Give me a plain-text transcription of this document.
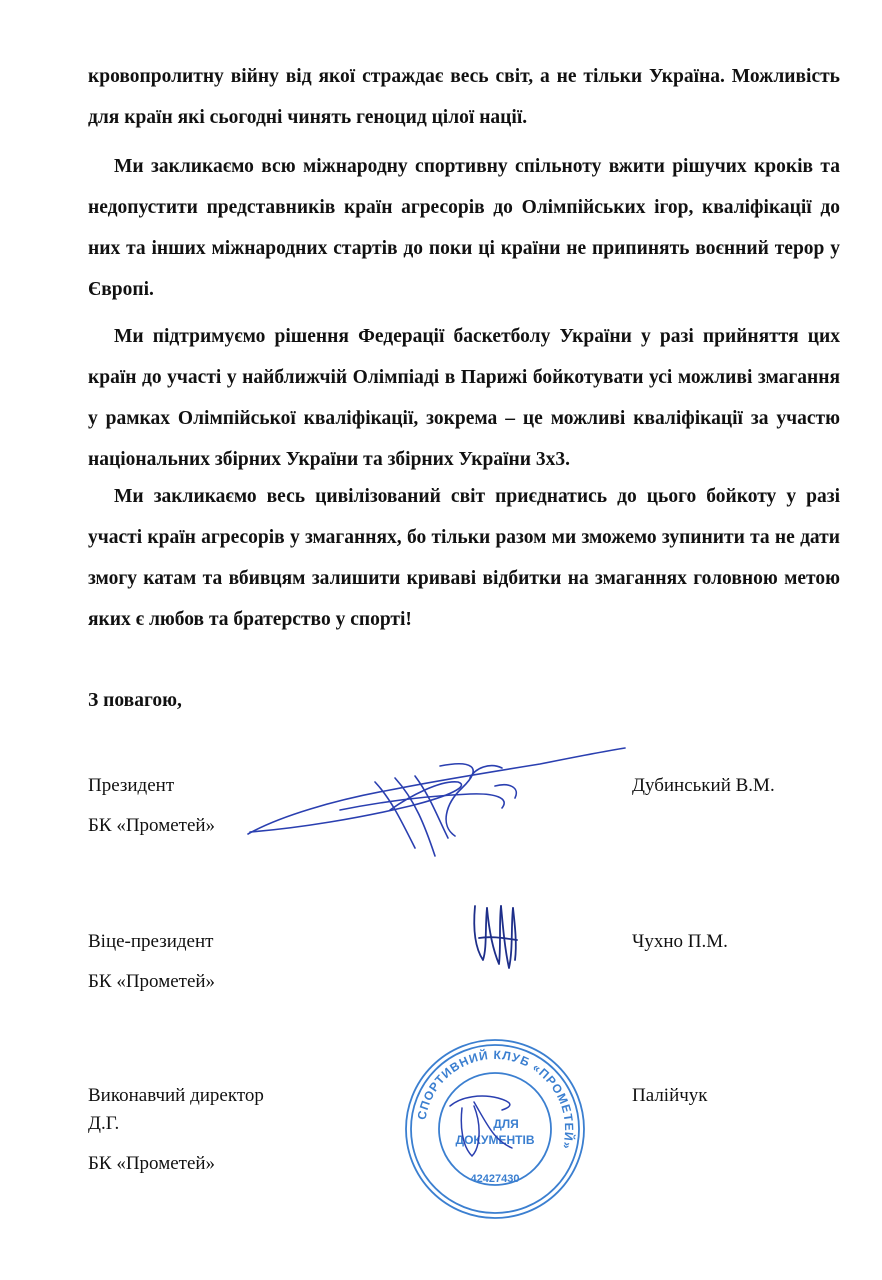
кровопролитну війну від якої страждає весь світ, а не тільки Україна. Можливість для країн які сьогодні чинять геноцид цілої нації.

Ми закликаємо всю міжнародну спортивну спільноту вжити рішучих кроків та недопустити представників країн агресорів до Олімпійських ігор, кваліфікації до них та інших міжнародних стартів до поки ці країни не припинять воєнний терор у Європі.

Ми підтримуємо рішення Федерації баскетболу України у разі прийняття цих країн до участі у найближчій Олімпіаді в Парижі бойкотувати усі можливі змагання у рамках Олімпійської кваліфікації, зокрема – це можливі кваліфікації за участю національних збірних України та збірних України 3х3.

Ми закликаємо весь цивілізований світ приєднатись до цього бойкоту у разі участі країн агресорів у змаганнях, бо тільки разом ми зможемо зупинити та не дати змогу катам та вбивцям залишити криваві відбитки на змаганнях головною метою яких є любов та братерство у спорті!

З повагою,

Президент

БК «Прометей»

Дубинський В.М.

Віце-президент

БК «Прометей»

Чухно П.М.

Виконавчий директор

Д.Г.

БК «Прометей»

Палійчук

СПОРТИВНИЙ КЛУБ «ПРОМЕТЕЙ»
ДЛЯ
ДОКУМЕНТІВ
42427430
